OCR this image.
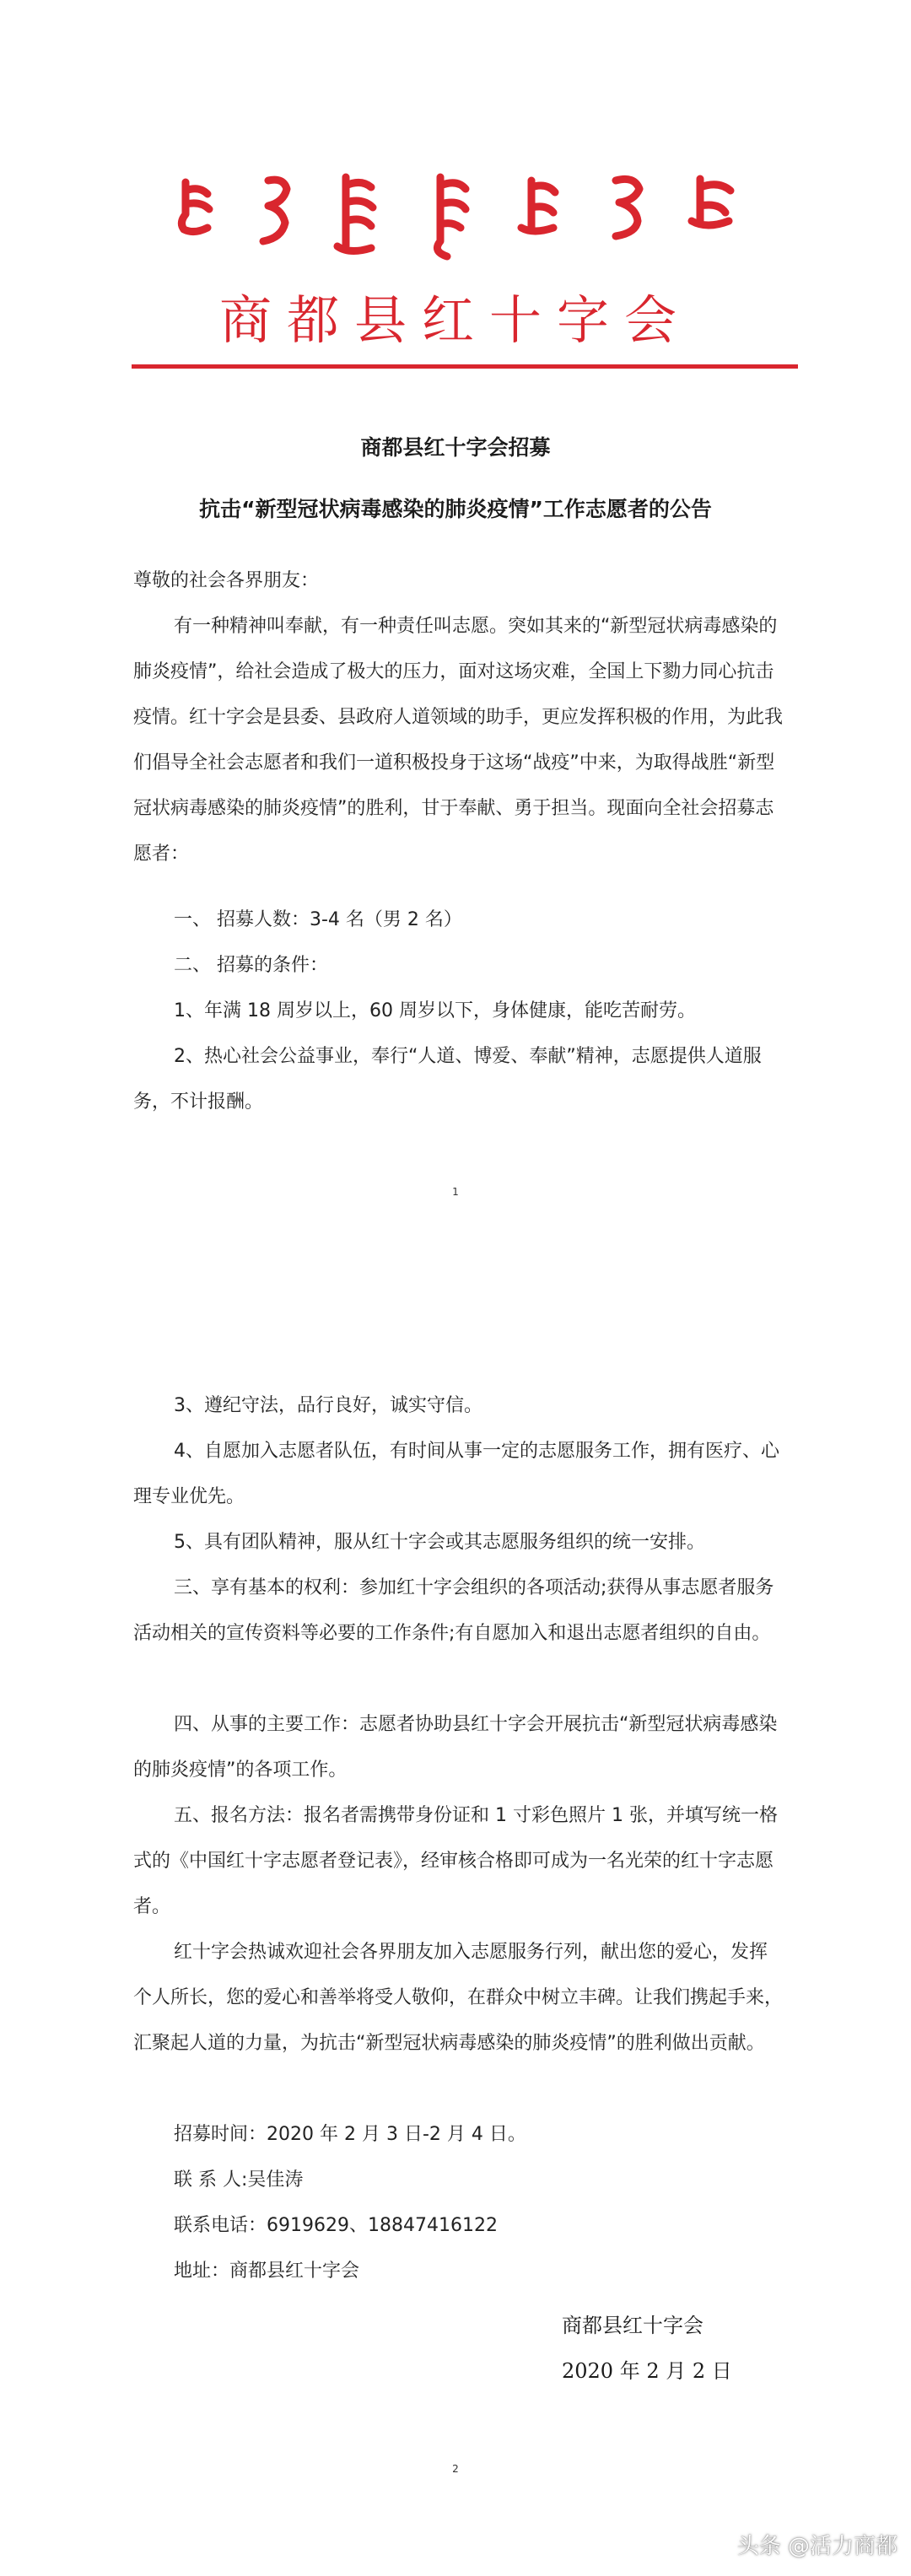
商都县红十字会
商都县红十字会招募
抗击“新型冠状病毒感染的肺炎疫情”工作志愿者的公告
尊敬的社会各界朋友：
有一种精神叫奉献，有一种责任叫志愿。突如其来的“新型冠状病毒感染的肺炎疫情”，给社会造成了极大的压力，面对这场灾难，全国上下勠力同心抗击疫情。红十字会是县委、县政府人道领域的助手，更应发挥积极的作用，为此我们倡导全社会志愿者和我们一道积极投身于这场“战疫”中来，为取得战胜“新型冠状病毒感染的肺炎疫情”的胜利，甘于奉献、勇于担当。现面向全社会招募志愿者：
一、 招募人数：3-4 名（男 2 名）
二、 招募的条件：
1、年满 18 周岁以上，60 周岁以下，身体健康，能吃苦耐劳。
2、热心社会公益事业，奉行“人道、博爱、奉献”精神，志愿提供人道服务，不计报酬。
1
3、遵纪守法，品行良好，诚实守信。
4、自愿加入志愿者队伍，有时间从事一定的志愿服务工作，拥有医疗、心理专业优先。
5、具有团队精神，服从红十字会或其志愿服务组织的统一安排。
三、享有基本的权利：参加红十字会组织的各项活动;获得从事志愿者服务活动相关的宣传资料等必要的工作条件;有自愿加入和退出志愿者组织的自由。
四、从事的主要工作：志愿者协助县红十字会开展抗击“新型冠状病毒感染的肺炎疫情”的各项工作。
五、报名方法：报名者需携带身份证和 1 寸彩色照片 1 张，并填写统一格式的《中国红十字志愿者登记表》，经审核合格即可成为一名光荣的红十字志愿者。
红十字会热诚欢迎社会各界朋友加入志愿服务行列，献出您的爱心，发挥个人所长，您的爱心和善举将受人敬仰，在群众中树立丰碑。让我们携起手来，汇聚起人道的力量，为抗击“新型冠状病毒感染的肺炎疫情”的胜利做出贡献。
招募时间：2020 年 2 月 3 日-2 月 4 日。
联 系 人:吴佳涛
联系电话：6919629、18847416122
地址：商都县红十字会
商都县红十字会
2020 年 2 月 2 日
2
头条 @活力商都
